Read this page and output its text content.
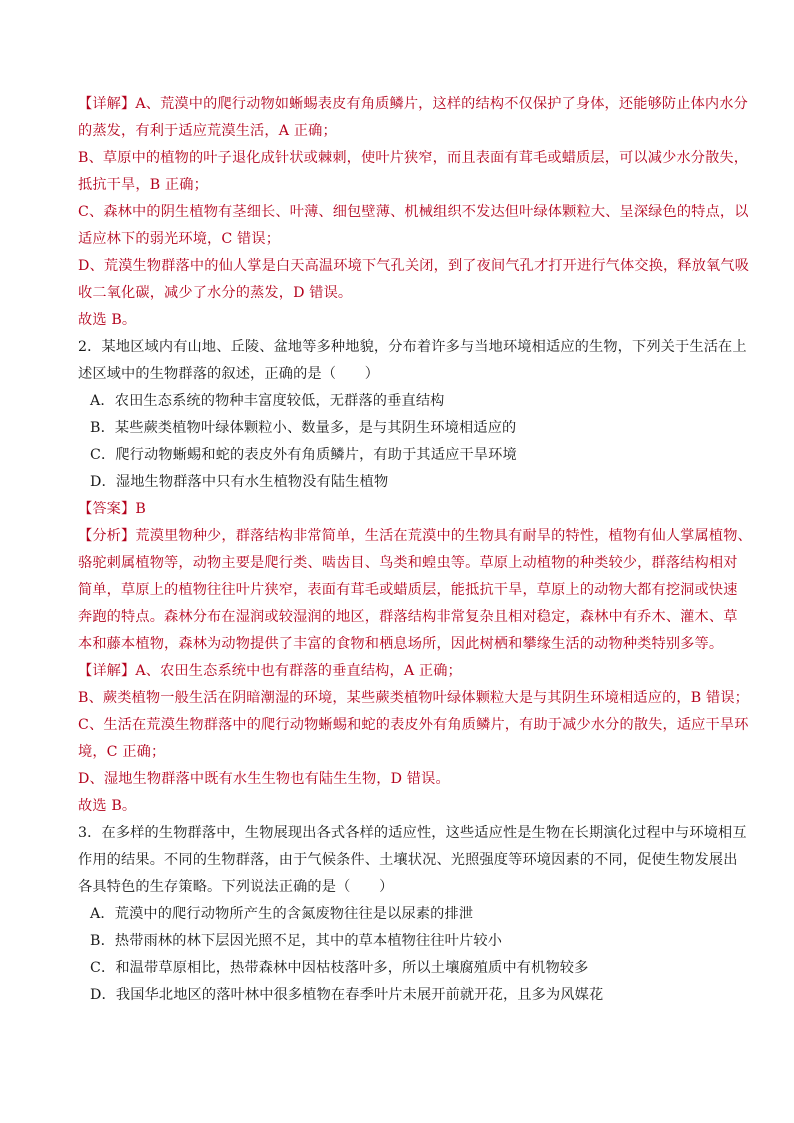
【详解】A、荒漠中的爬行动物如蜥蜴表皮有角质鳞片，这样的结构不仅保护了身体，还能够防止体内水分
的蒸发，有利于适应荒漠生活，A 正确；
B、草原中的植物的叶子退化成针状或棘刺，使叶片狭窄，而且表面有茸毛或蜡质层，可以减少水分散失，
抵抗干旱，B 正确；
C、森林中的阴生植物有茎细长、叶薄、细包壁薄、机械组织不发达但叶绿体颗粒大、呈深绿色的特点，以
适应林下的弱光环境，C 错误；
D、荒漠生物群落中的仙人掌是白天高温环境下气孔关闭，到了夜间气孔才打开进行气体交换，释放氧气吸
收二氧化碳，减少了水分的蒸发，D 错误。
故选 B。
2．某地区域内有山地、丘陵、盆地等多种地貌，分布着许多与当地环境相适应的生物，下列关于生活在上
述区域中的生物群落的叙述，正确的是（　　）
A．农田生态系统的物种丰富度较低，无群落的垂直结构
B．某些蕨类植物叶绿体颗粒小、数量多，是与其阴生环境相适应的
C．爬行动物蜥蜴和蛇的表皮外有角质鳞片，有助于其适应干旱环境
D．湿地生物群落中只有水生植物没有陆生植物
【答案】B
【分析】荒漠里物种少，群落结构非常简单，生活在荒漠中的生物具有耐旱的特性，植物有仙人掌属植物、
骆驼刺属植物等，动物主要是爬行类、啮齿目、鸟类和蝗虫等。草原上动植物的种类较少，群落结构相对
简单，草原上的植物往往叶片狭窄，表面有茸毛或蜡质层，能抵抗干旱，草原上的动物大都有挖洞或快速
奔跑的特点。森林分布在湿润或较湿润的地区，群落结构非常复杂且相对稳定，森林中有乔木、灌木、草
本和藤本植物，森林为动物提供了丰富的食物和栖息场所，因此树栖和攀缘生活的动物种类特别多等。
【详解】A、农田生态系统中也有群落的垂直结构，A 正确；
B、蕨类植物一般生活在阴暗潮湿的环境，某些蕨类植物叶绿体颗粒大是与其阴生环境相适应的，B 错误；
C、生活在荒漠生物群落中的爬行动物蜥蜴和蛇的表皮外有角质鳞片，有助于减少水分的散失，适应干旱环
境，C 正确；
D、湿地生物群落中既有水生生物也有陆生生物，D 错误。
故选 B。
3．在多样的生物群落中，生物展现出各式各样的适应性，这些适应性是生物在长期演化过程中与环境相互
作用的结果。不同的生物群落，由于气候条件、土壤状况、光照强度等环境因素的不同，促使生物发展出
各具特色的生存策略。下列说法正确的是（　　）
A．荒漠中的爬行动物所产生的含氮废物往往是以尿素的排泄
B．热带雨林的林下层因光照不足，其中的草本植物往往叶片较小
C．和温带草原相比，热带森林中因枯枝落叶多，所以土壤腐殖质中有机物较多
D．我国华北地区的落叶林中很多植物在春季叶片未展开前就开花，且多为风媒花
